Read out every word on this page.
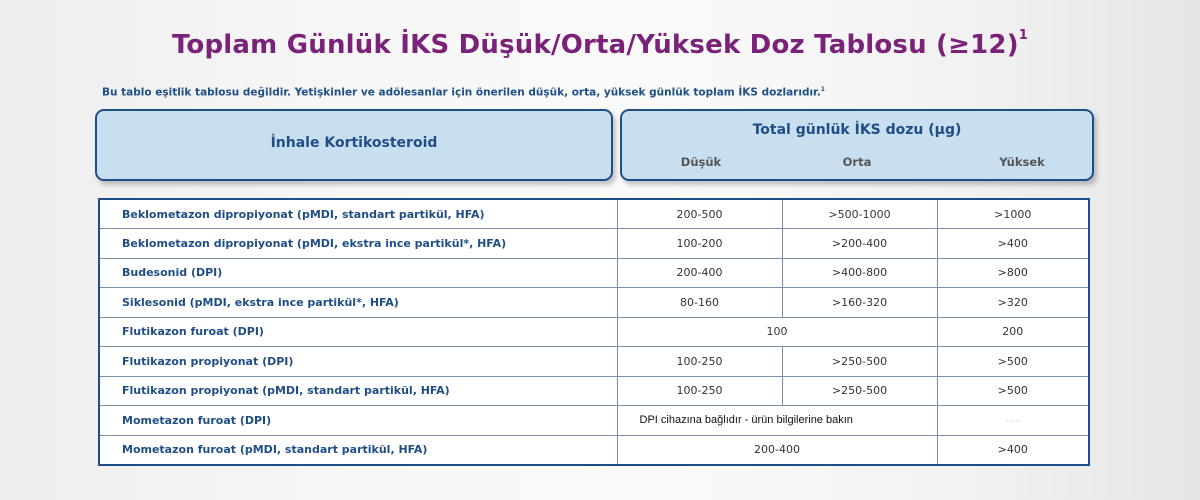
Toplam Günlük İKS Düşük/Orta/Yüksek Doz Tablosu (≥12)$^1$
Bu tablo eşitlik tablosu değildir. Yetişkinler ve adölesanlar için önerilen düşük, orta, yüksek günlük toplam İKS dozlarıdır.$^1$
İnhale Kortikosteroid
Total günlük İKS dozu (µg)
Düşük	Orta	Yüksek
Beklometazon dipropiyonat (pMDI, standart partikül, HFA)	200-500	>500-1000	>1000
Beklometazon dipropiyonat (pMDI, ekstra ince partikül*, HFA)	100-200	>200-400	>400
Budesonid (DPI)	200-400	>400-800	>800
Siklesonid (pMDI, ekstra ince partikül*, HFA)	80-160	>160-320	>320
Flutikazon furoat (DPI)	100		200
Flutikazon propiyonat (DPI)	100-250	>250-500	>500
Flutikazon propiyonat (pMDI, standart partikül, HFA)	100-250	>250-500	>500
Mometazon furoat (DPI)	DPI cihazına bağlıdır - ürün bilgilerine bakın		- - -
Mometazon furoat (pMDI, standart partikül, HFA)	200-400		>400
